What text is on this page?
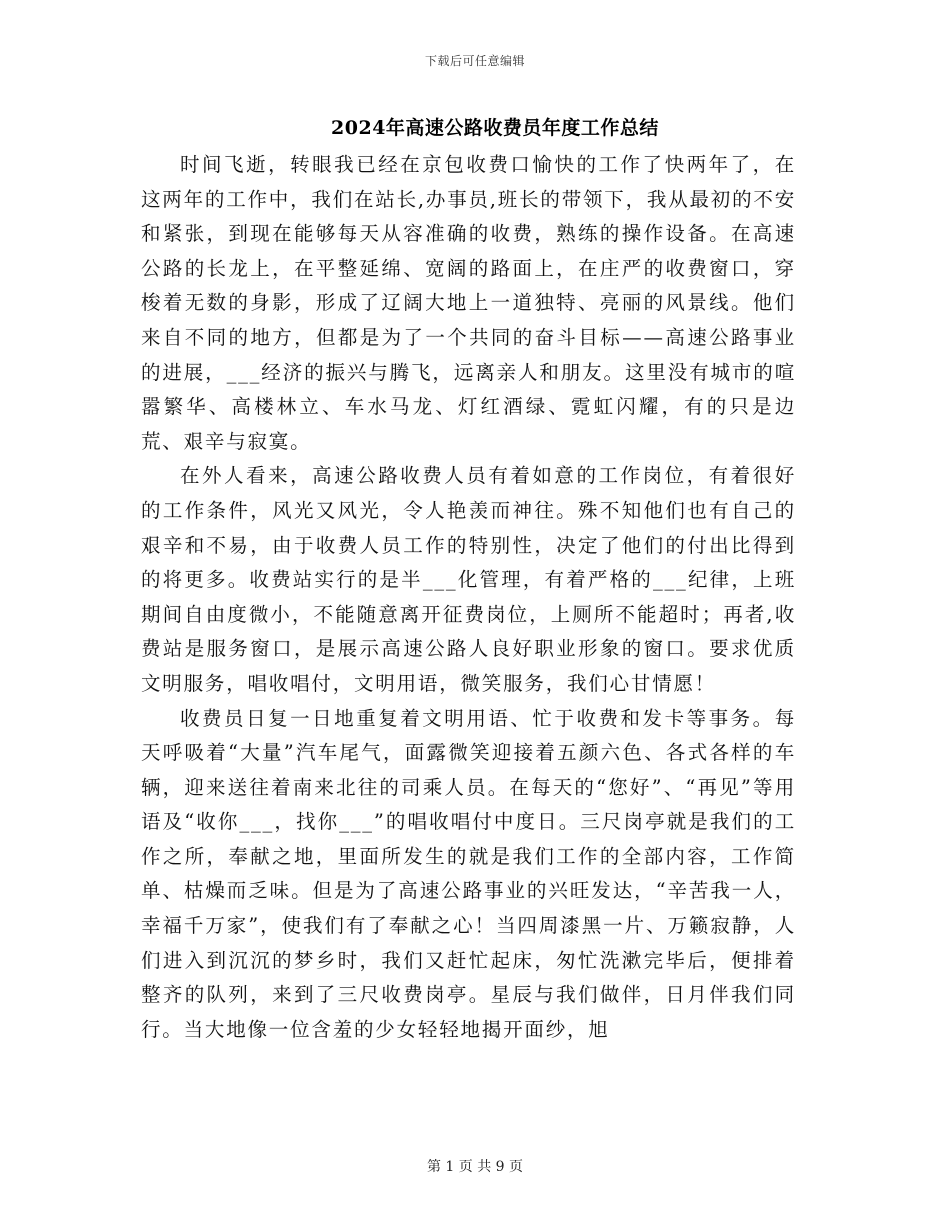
下载后可任意编辑
2024年高速公路收费员年度工作总结

时间飞逝，转眼我已经在京包收费口愉快的工作了快两年了，在这两年的工作中，我们在站长,办事员,班长的带领下，我从最初的不安和紧张，到现在能够每天从容准确的收费，熟练的操作设备。在高速公路的长龙上，在平整延绵、宽阔的路面上，在庄严的收费窗口，穿梭着无数的身影，形成了辽阔大地上一道独特、亮丽的风景线。他们来自不同的地方，但都是为了一个共同的奋斗目标——高速公路事业的进展，___经济的振兴与腾飞，远离亲人和朋友。这里没有城市的喧嚣繁华、高楼林立、车水马龙、灯红酒绿、霓虹闪耀，有的只是边荒、艰辛与寂寞。

在外人看来，高速公路收费人员有着如意的工作岗位，有着很好的工作条件，风光又风光，令人艳羡而神往。殊不知他们也有自己的艰辛和不易，由于收费人员工作的特别性，决定了他们的付出比得到的将更多。收费站实行的是半___化管理，有着严格的___纪律，上班期间自由度微小，不能随意离开征费岗位，上厕所不能超时；再者,收费站是服务窗口，是展示高速公路人良好职业形象的窗口。要求优质文明服务，唱收唱付，文明用语，微笑服务，我们心甘情愿！

收费员日复一日地重复着文明用语、忙于收费和发卡等事务。每天呼吸着“大量”汽车尾气，面露微笑迎接着五颜六色、各式各样的车辆，迎来送往着南来北往的司乘人员。在每天的“您好”、“再见”等用语及“收你___，找你___”的唱收唱付中度日。三尺岗亭就是我们的工作之所，奉献之地，里面所发生的就是我们工作的全部内容，工作简单、枯燥而乏味。但是为了高速公路事业的兴旺发达，“辛苦我一人，幸福千万家”，使我们有了奉献之心！当四周漆黑一片、万籁寂静，人们进入到沉沉的梦乡时，我们又赶忙起床，匆忙洗漱完毕后，便排着整齐的队列，来到了三尺收费岗亭。星辰与我们做伴，日月伴我们同行。当大地像一位含羞的少女轻轻地揭开面纱，旭

第 1 页 共 9 页
